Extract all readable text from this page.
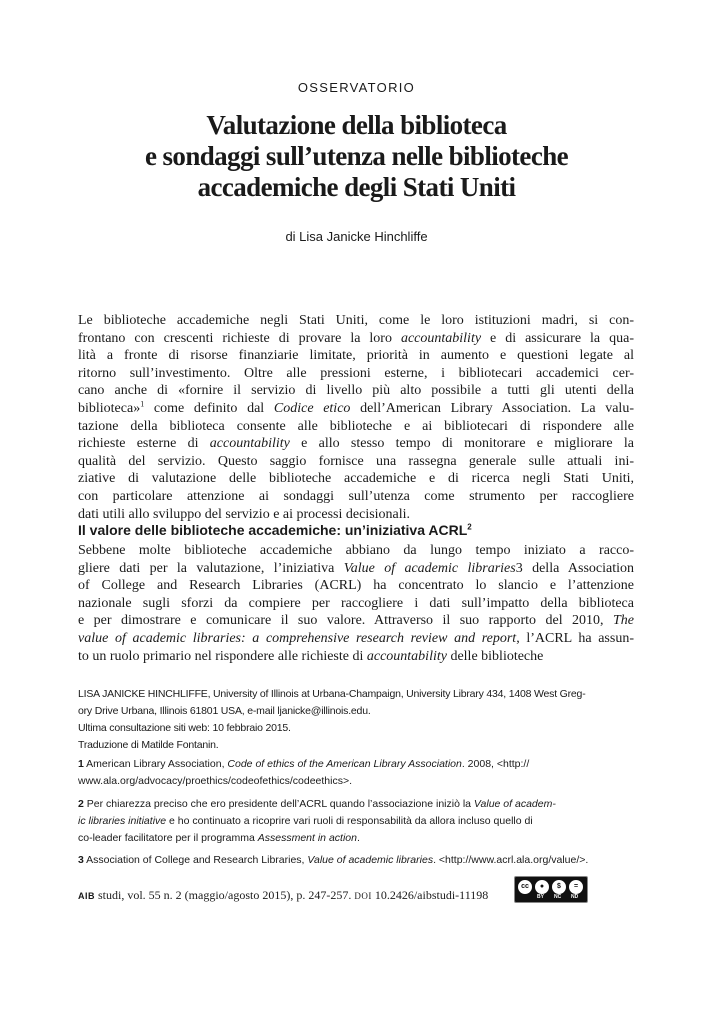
OSSERVATORIO
Valutazione della biblioteca
e sondaggi sull’utenza nelle biblioteche
accademiche degli Stati Uniti
di Lisa Janicke Hinchliffe
Le biblioteche accademiche negli Stati Uniti, come le loro istituzioni madri, si con-
frontano con crescenti richieste di provare la loro accountability e di assicurare la qua-
lità a fronte di risorse finanziarie limitate, priorità in aumento e questioni legate al
ritorno sull’investimento. Oltre alle pressioni esterne, i bibliotecari accademici cer-
cano anche di «fornire il servizio di livello più alto possibile a tutti gli utenti della
biblioteca»$^1$ come definito dal Codice etico dell’American Library Association. La valu-
tazione della biblioteca consente alle biblioteche e ai bibliotecari di rispondere alle
richieste esterne di accountability e allo stesso tempo di monitorare e migliorare la
qualità del servizio. Questo saggio fornisce una rassegna generale sulle attuali ini-
ziative di valutazione delle biblioteche accademiche e di ricerca negli Stati Uniti,
con particolare attenzione ai sondaggi sull’utenza come strumento per raccogliere
dati utili allo sviluppo del servizio e ai processi decisionali.
Il valore delle biblioteche accademiche: un’iniziativa ACRL$^2$
Sebbene molte biblioteche accademiche abbiano da lungo tempo iniziato a racco-
gliere dati per la valutazione, l’iniziativa Value of academic libraries3 della Association
of College and Research Libraries (ACRL) ha concentrato lo slancio e l’attenzione
nazionale sugli sforzi da compiere per raccogliere i dati sull’impatto della biblioteca
e per dimostrare e comunicare il suo valore. Attraverso il suo rapporto del 2010, The
value of academic libraries: a comprehensive research review and report, l’ACRL ha assun-
to un ruolo primario nel rispondere alle richieste di accountability delle biblioteche
LISA JANICKE HINCHLIFFE, University of Illinois at Urbana-Champaign, University Library 434, 1408 West Greg-
ory Drive Urbana, Illinois 61801 USA, e-mail ljanicke@illinois.edu.
Ultima consultazione siti web: 10 febbraio 2015.
Traduzione di Matilde Fontanin.
1 American Library Association, Code of ethics of the American Library Association. 2008, <http://
www.ala.org/advocacy/proethics/codeofethics/codeethics>.
2 Per chiarezza preciso che ero presidente dell’ACRL quando l’associazione iniziò la Value of academ-
ic libraries initiative e ho continuato a ricoprire vari ruoli di responsabilità da allora incluso quello di
co-leader facilitatore per il programma Assessment in action.
3 Association of College and Research Libraries, Value of academic libraries. <http://www.acrl.ala.org/value/>.
AIB studi, vol. 55 n. 2 (maggio/agosto 2015), p. 247-257. DOI 10.2426/aibstudi-11198
cc	●	$	=
BY NC ND
